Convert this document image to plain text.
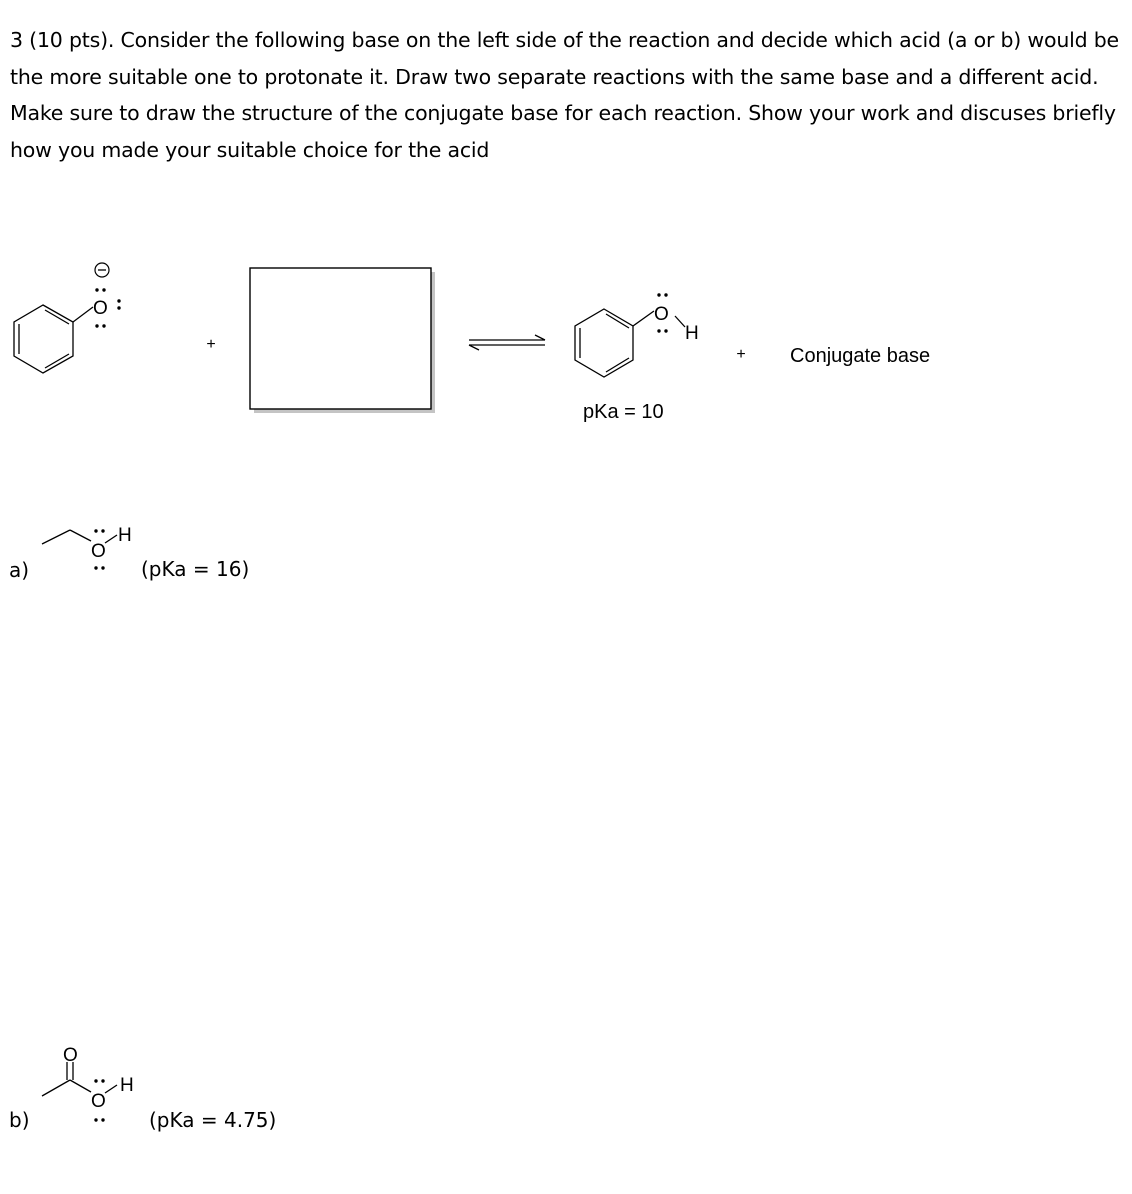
3 (10 pts). Consider the following base on the left side of the reaction and decide which acid (a or b) would be the more suitable one to protonate it. Draw two separate reactions with the same base and a different acid. Make sure to draw the structure of the conjugate base for each reaction. Show your work and discuses briefly how you made your suitable choice for the acid

O
+
O
H
pKa = 10
+ Conjugate base
a)
O
H
(pKa = 16)
b)
O
O
H
(pKa = 4.75)
